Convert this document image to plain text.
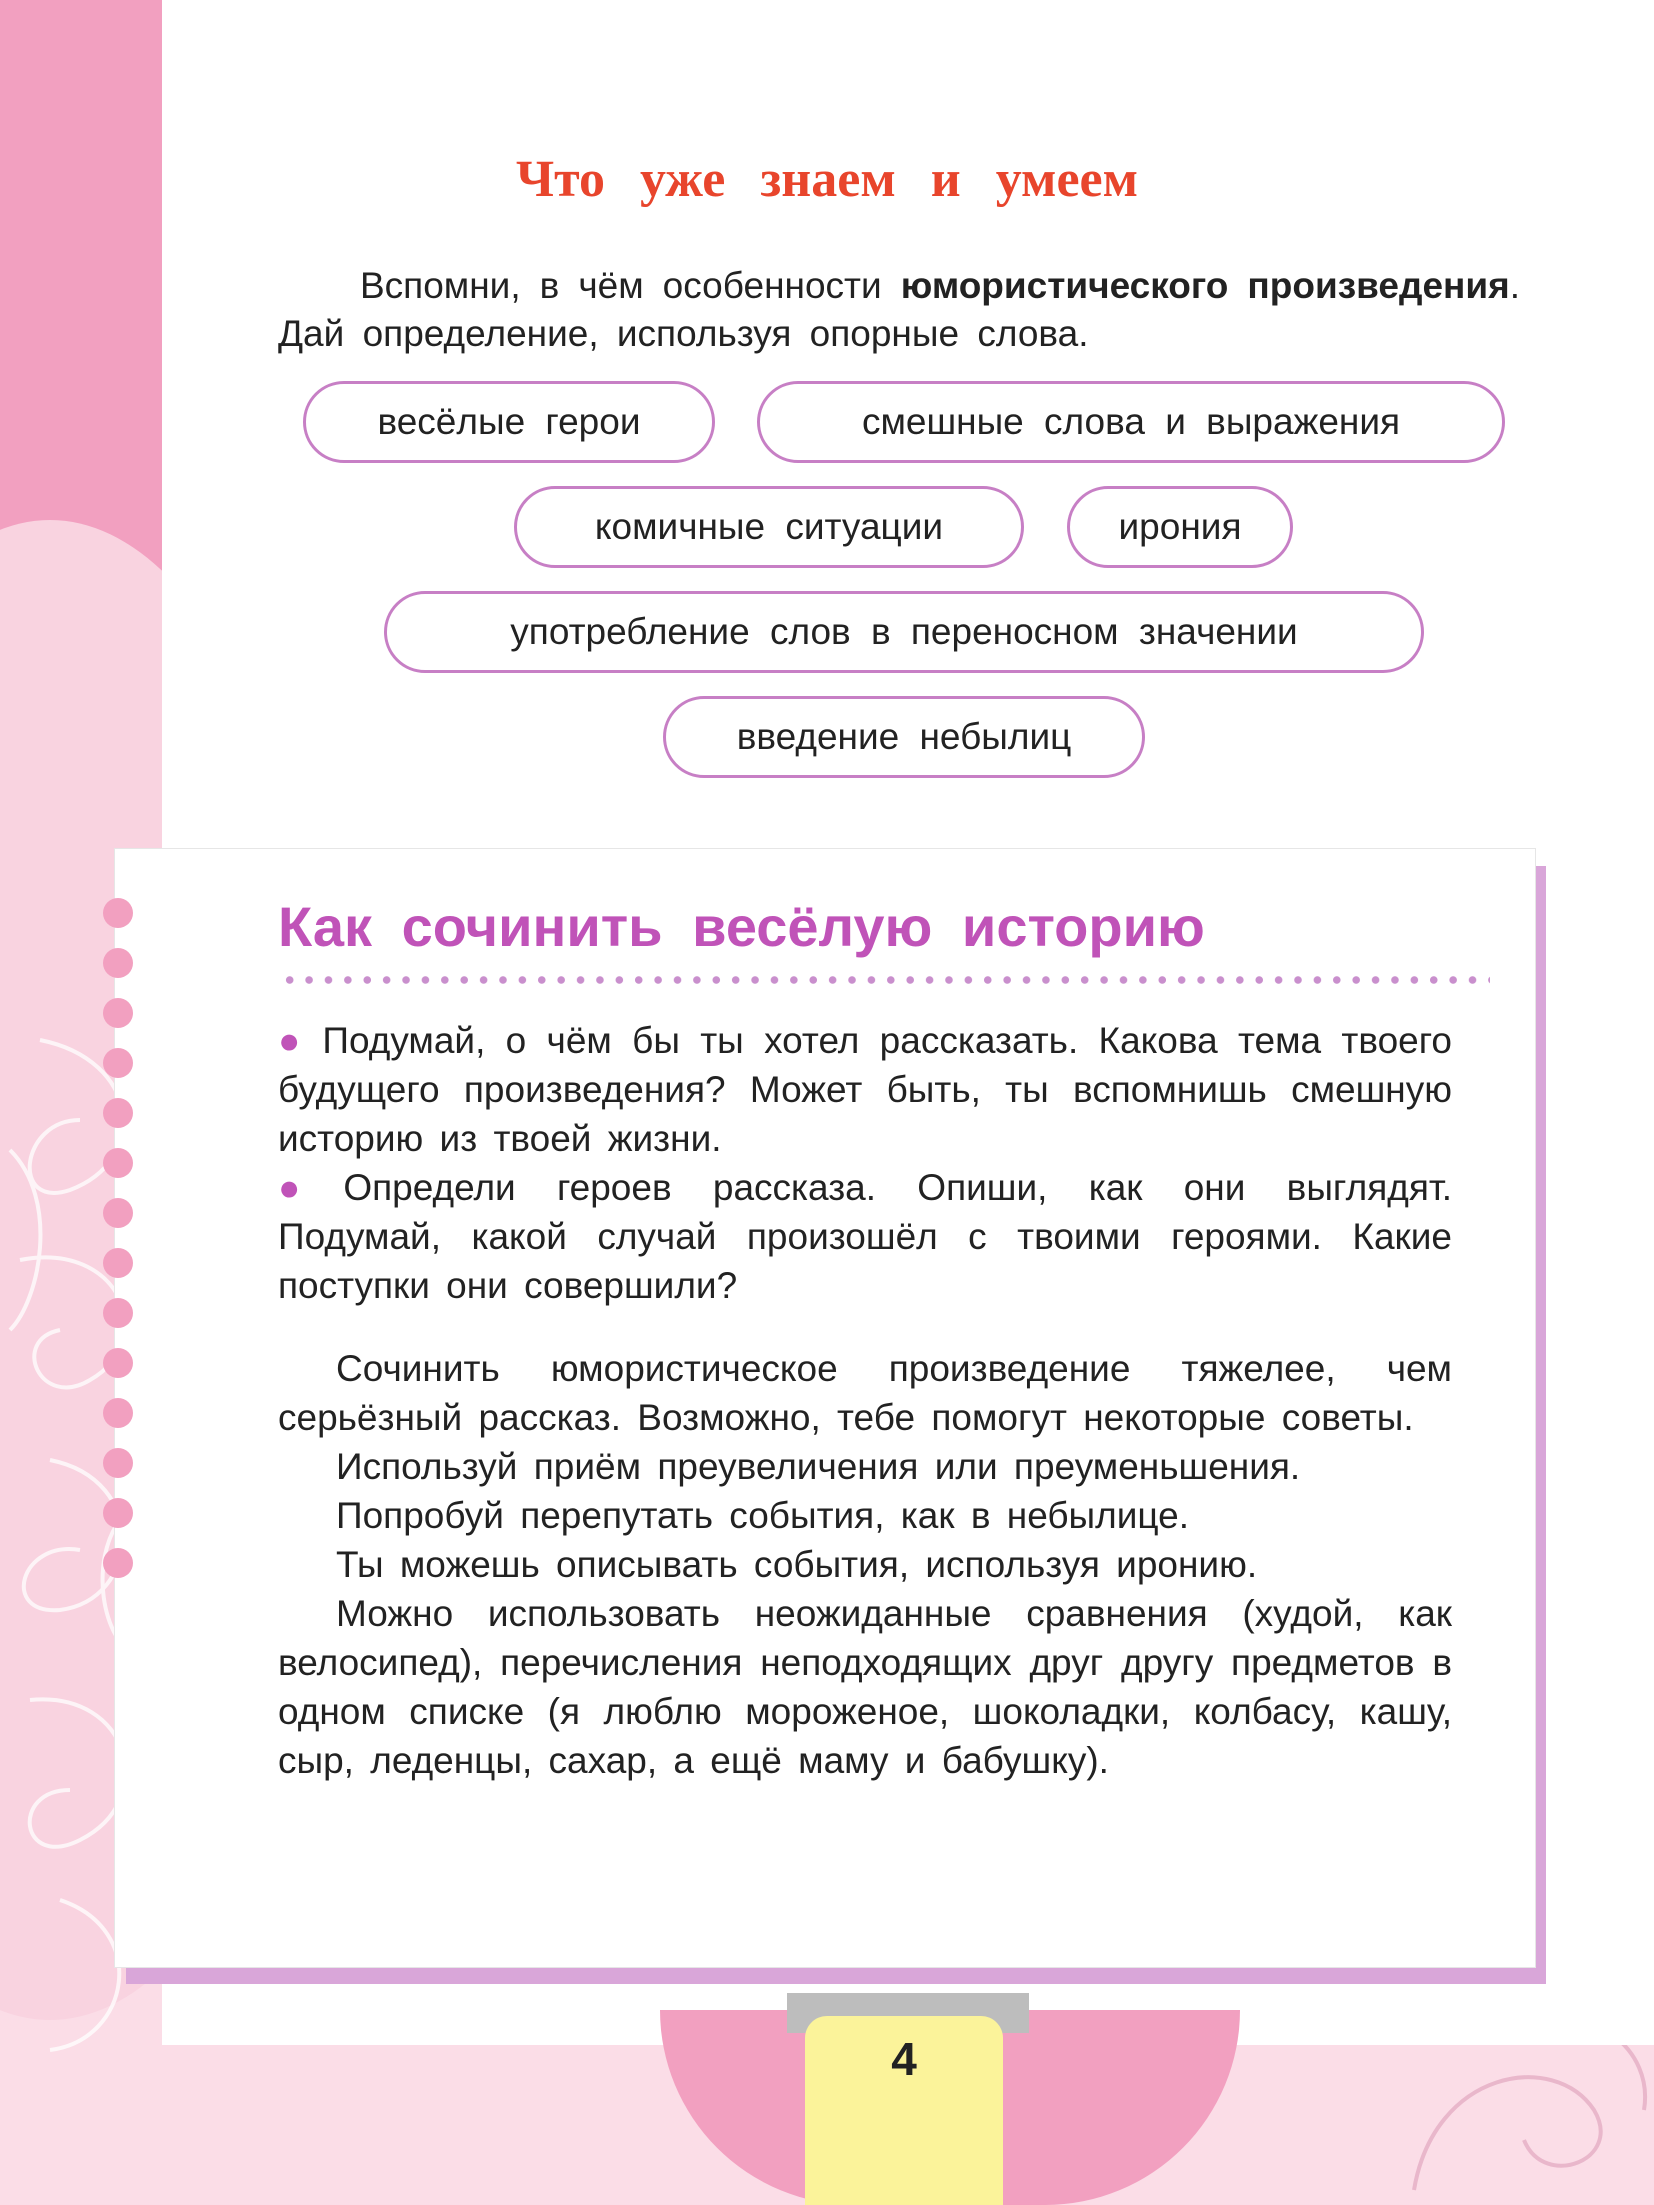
Что уже знаем и умеем
Вспомни, в чём особенности юмористического произведения. Дай определение, используя опорные слова.
весёлые герои	смешные слова и выражения
комичные ситуации	ирония
употребление слов в переносном значении
введение небылиц
Как сочинить весёлую историю

● Подумай, о чём бы ты хотел рассказать. Какова тема твоего будущего произведения? Может быть, ты вспомнишь смешную историю из твоей жизни.

● Определи героев рассказа. Опиши, как они выглядят. Подумай, какой случай произошёл с твоими героями. Какие поступки они совершили?

Сочинить юмористическое произведение тяжелее, чем серьёзный рассказ. Возможно, тебе помогут некоторые советы.

Используй приём преувеличения или преуменьшения.

Попробуй перепутать события, как в небылице.

Ты можешь описывать события, используя иронию.

Можно использовать неожиданные сравнения (худой, как велосипед), перечисления неподходящих друг другу предметов в одном списке (я люблю мороженое, шоколадки, колбасу, кашу, сыр, леденцы, сахар, а ещё маму и бабушку).

4
